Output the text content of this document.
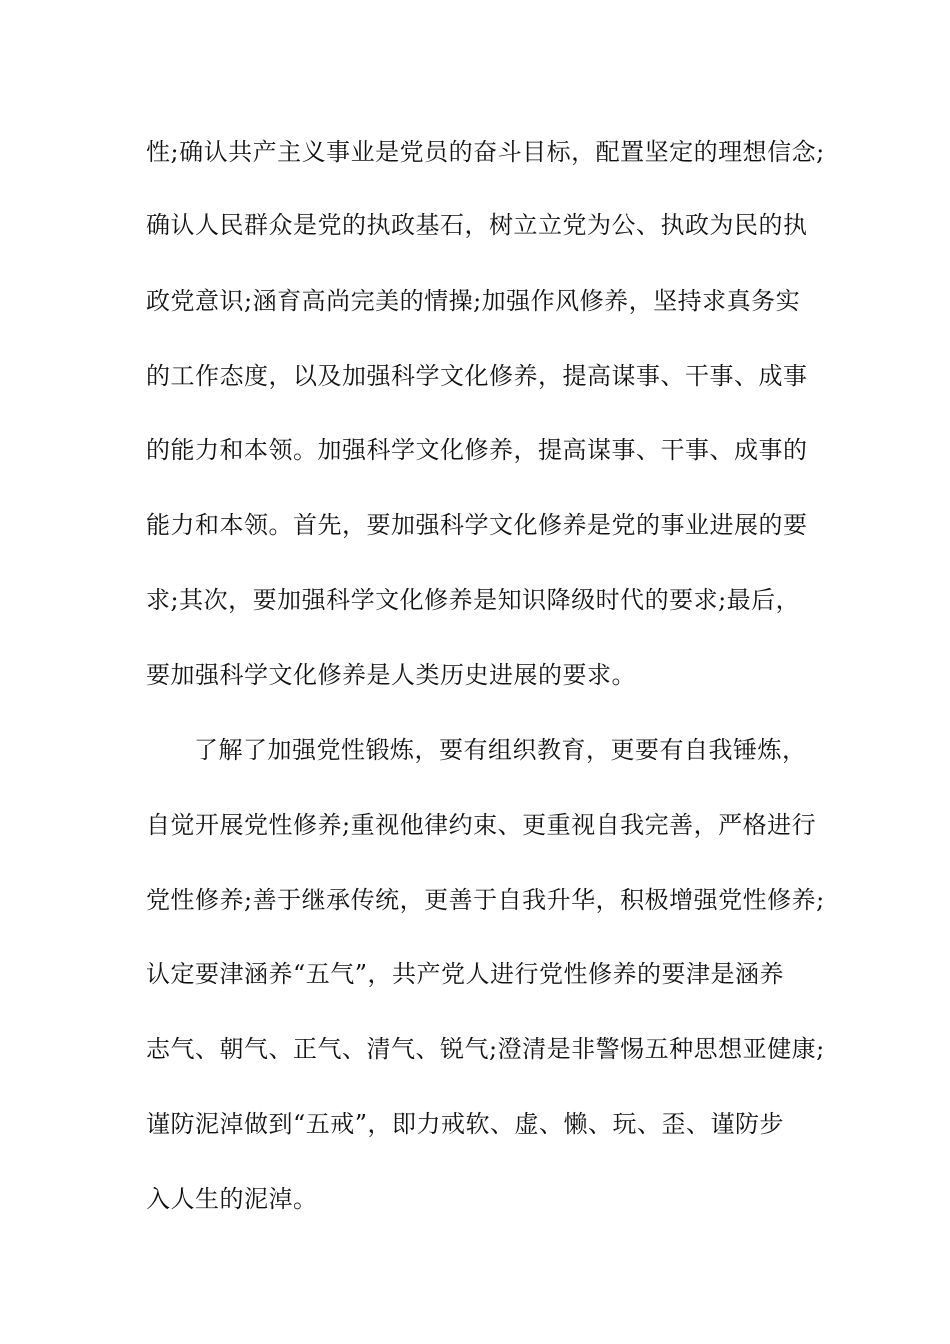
性;确认共产主义事业是党员的奋斗目标，配置坚定的理想信念;
确认人民群众是党的执政基石，树立立党为公、执政为民的执
政党意识;涵育高尚完美的情操;加强作风修养，坚持求真务实
的工作态度，以及加强科学文化修养，提高谋事、干事、成事
的能力和本领。加强科学文化修养，提高谋事、干事、成事的
能力和本领。首先，要加强科学文化修养是党的事业进展的要
求;其次，要加强科学文化修养是知识降级时代的要求;最后，
要加强科学文化修养是人类历史进展的要求。
了解了加强党性锻炼，要有组织教育，更要有自我锤炼，
自觉开展党性修养;重视他律约束、更重视自我完善，严格进行
党性修养;善于继承传统，更善于自我升华，积极增强党性修养;
认定要津涵养“五气”，共产党人进行党性修养的要津是涵养
志气、朝气、正气、清气、锐气;澄清是非警惕五种思想亚健康;
谨防泥淖做到“五戒”，即力戒软、虚、懒、玩、歪、谨防步
入人生的泥淖。
